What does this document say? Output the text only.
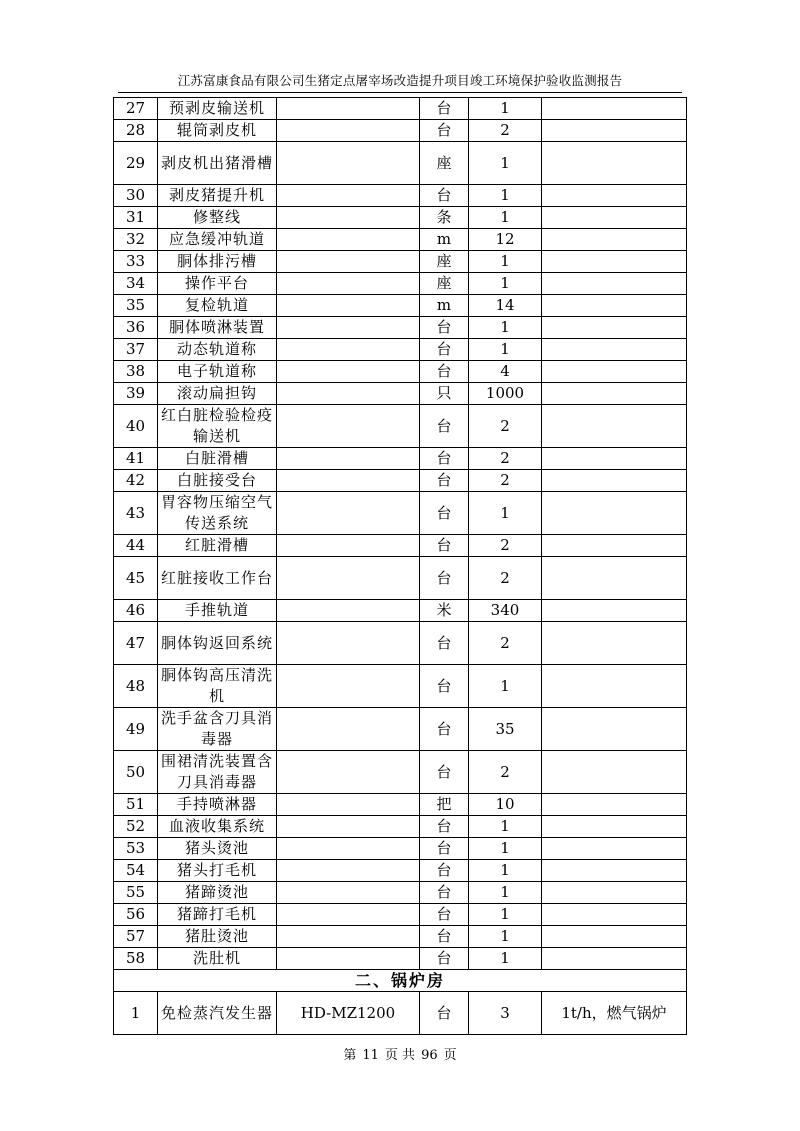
江苏富康食品有限公司生猪定点屠宰场改造提升项目竣工环境保护验收监测报告
27	预剥皮输送机		台	1	
28	辊筒剥皮机		台	2	
29	剥皮机出猪滑槽		座	1	
30	剥皮猪提升机		台	1	
31	修整线		条	1	
32	应急缓冲轨道		m	12	
33	胴体排污槽		座	1	
34	操作平台		座	1	
35	复检轨道		m	14	
36	胴体喷淋装置		台	1	
37	动态轨道称		台	1	
38	电子轨道称		台	4	
39	滚动扁担钩		只	1000	
40	红白脏检验检疫输送机		台	2	
41	白脏滑槽		台	2	
42	白脏接受台		台	2	
43	胃容物压缩空气传送系统		台	1	
44	红脏滑槽		台	2	
45	红脏接收工作台		台	2	
46	手推轨道		米	340	
47	胴体钩返回系统		台	2	
48	胴体钩高压清洗机		台	1	
49	洗手盆含刀具消毒器		台	35	
50	围裙清洗装置含刀具消毒器		台	2	
51	手持喷淋器		把	10	
52	血液收集系统		台	1	
53	猪头烫池		台	1	
54	猪头打毛机		台	1	
55	猪蹄烫池		台	1	
56	猪蹄打毛机		台	1	
57	猪肚烫池		台	1	
58	洗肚机		台	1	
二、锅炉房					
1	免检蒸汽发生器	HD-MZ1200	台	3	1t/h，燃气锅炉
第 11 页 共 96 页
